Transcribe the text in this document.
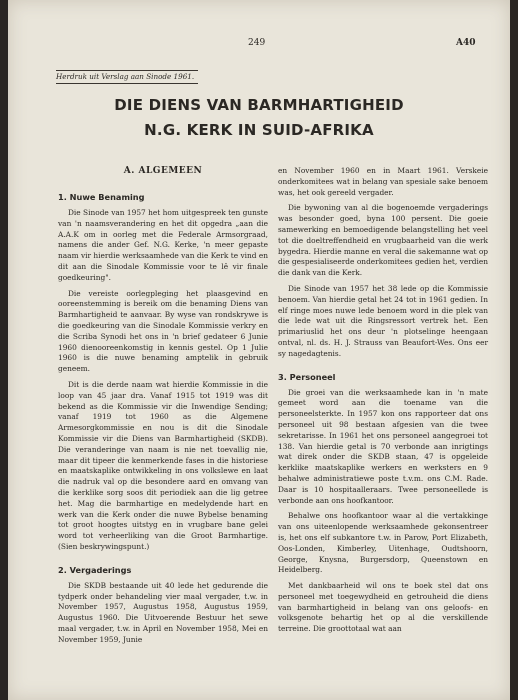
249	A40
Herdruk uit Verslag aan Sinode 1961.
DIE DIENS VAN BARMHARTIGHEID
N.G. KERK IN SUID-AFRIKA
A. ALGEMEEN
1. Nuwe Benaming

Die Sinode van 1957 het hom uitgespreek ten gunste van 'n naamsverandering en het dit opgedra „aan die A.A.K om in oorleg met die Federale Armsorgraad, namens die ander Gef. N.G. Kerke, 'n meer gepaste naam vir hierdie werksaamhede van die Kerk te vind en dit aan die Sinodale Kommissie voor te lê vir finale goedkeuring".

Die vereiste oorlegpleging het plaasgevind en ooreenstemming is bereik om die benaming Diens van Barmhartigheid te aanvaar. By wyse van rondskrywe is die goedkeuring van die Sinodale Kommissie verkry en die Scriba Synodi het ons in 'n brief gedateer 6 Junie 1960 dienooreenkomstig in kennis gestel. Op 1 Julie 1960 is die nuwe benaming amptelik in gebruik geneem.

Dit is die derde naam wat hierdie Kommissie in die loop van 45 jaar dra. Vanaf 1915 tot 1919 was dit bekend as die Kommissie vir die Inwendige Sending; vanaf 1919 tot 1960 as die Algemene Armesorgkommissie en nou is dit die Sinodale Kommissie vir die Diens van Barmhartigheid (SKDB). Die veranderinge van naam is nie net toevallig nie, maar dit tipeer die kenmerkende fases in die historiese en maatskaplike ontwikkeling in ons volkslewe en laat die nadruk val op die besondere aard en omvang van die kerklike sorg soos dit periodiek aan die lig getree het. Mag die barmhartige en medelydende hart en werk van die Kerk onder die nuwe Bybelse benaming tot groot hoogtes uitstyg en in vrugbare bane gelei word tot verheerliking van die Groot Barmhartige. (Sien beskrywingspunt.)

2. Vergaderings

Die SKDB bestaande uit 40 lede het gedurende die tydperk onder behandeling vier maal vergader, t.w. in November 1957, Augustus 1958, Augustus 1959, Augustus 1960. Die Uitvoerende Bestuur het sewe maal vergader, t.w. in April en November 1958, Mei en November 1959, Junie

en November 1960 en in Maart 1961. Verskeie onderkomitees wat in belang van spesiale sake benoem was, het ook gereeld vergader.

Die bywoning van al die bogenoemde vergaderings was besonder goed, byna 100 persent. Die goeie samewerking en bemoedigende belangstelling het veel tot die doeltreffendheid en vrugbaarheid van die werk bygedra. Hierdie manne en veral die sakemanne wat op die gespesialiseerde onderkomitees gedien het, verdien die dank van die Kerk.

Die Sinode van 1957 het 38 lede op die Kommissie benoem. Van hierdie getal het 24 tot in 1961 gedien. In elf ringe moes nuwe lede benoem word in die plek van die lede wat uit die Ringsressort vertrek het. Een primariuslid het ons deur 'n plotselinge heengaan ontval, nl. ds. H. J. Strauss van Beaufort-Wes. Ons eer sy nagedagtenis.

3. Personeel

Die groei van die werksaamhede kan in 'n mate gemeet word aan die toename van die personeelsterkte. In 1957 kon ons rapporteer dat ons personeel uit 98 bestaan afgesien van die twee sekretarisse. In 1961 het ons personeel aangegroei tot 138. Van hierdie getal is 70 verbonde aan inrigtings wat direk onder die SKDB staan, 47 is opgeleide kerklike maatskaplike werkers en werksters en 9 behalwe administratiewe poste t.v.m. ons C.M. Rade. Daar is 10 hospitaalleraars. Twee personeellede is verbonde aan ons hoofkantoor.

Behalwe ons hoofkantoor waar al die vertakkinge van ons uiteenlopende werksaamhede gekonsentreer is, het ons elf subkantore t.w. in Parow, Port Elizabeth, Oos-Londen, Kimberley, Uitenhage, Oudtshoorn, George, Knysna, Burgersdorp, Queenstown en Heidelberg.

Met dankbaarheid wil ons te boek stel dat ons personeel met toegewydheid en getrouheid die diens van barmhartigheid in belang van ons geloofs- en volksgenote behartig het op al die verskillende terreine. Die groottotaal wat aan
